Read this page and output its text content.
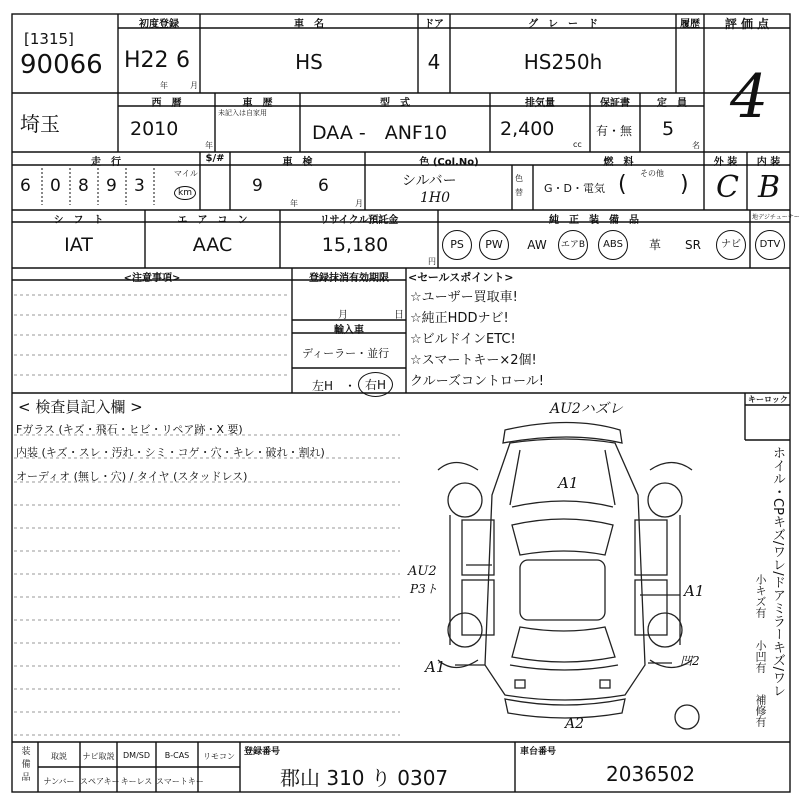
[1315]
90066
初度登録
H22 6
年	月
車　名
HS
ドア
4
グ　レ　ー　ド
HS250h
履歴	評 価 点
4
埼玉
西　暦
2010
年
車　歴
未記入は自家用
型　式
DAA -　ANF10
排気量
2,400
cc
保証書
有・無
定　員
5
名
走　行
6 0 8 9 3
マイル
km
$/#	車　検
9	6
年	月
色 (Col.No)
シルバー
1H0
色替
燃　料
G・D・電気 ( その他 )
外 装
C
内 装
B
シ　フ　ト
IAT
エ　ア　コ　ン
AAC
リサイクル預託金
15,180
円
純　正　装　備　品	地デジチューナー
PS	PW	AW	エアB	ABS	革	SR	ナビ	DTV
<注意事項>	登録抹消有効期限
月	日
輸入車
ディーラー・並行
左H ・ 右H
<セールスポイント>
☆ユーザー買取車!
☆純正HDDナビ!
☆ビルドインETC!
☆スマートキー×2個!
クルーズコントロール!
< 検査員記入欄 >
Fガラス (キズ・飛石・ヒビ・リペア跡・X 要)
内装 (キズ・スレ・汚れ・シミ・コゲ・穴・キレ・破れ・割れ)
オーディオ (無し・穴) / タイヤ (スタッドレス)
キーロック
ホイル・CPキズ/ワレ/ドアミラーキズ/ワレ
小キズ有
小凹有
補修有
AU2ハズレ
A1
AU2
P3ト	A1
A1	凹2
A2
装
備
品
取説	ナビ取説	DM/SD	B-CAS	リモコン
ナンバー スペアキー キーレス スマートキー
登録番号
郡山 310 り 0307
車台番号
2036502
